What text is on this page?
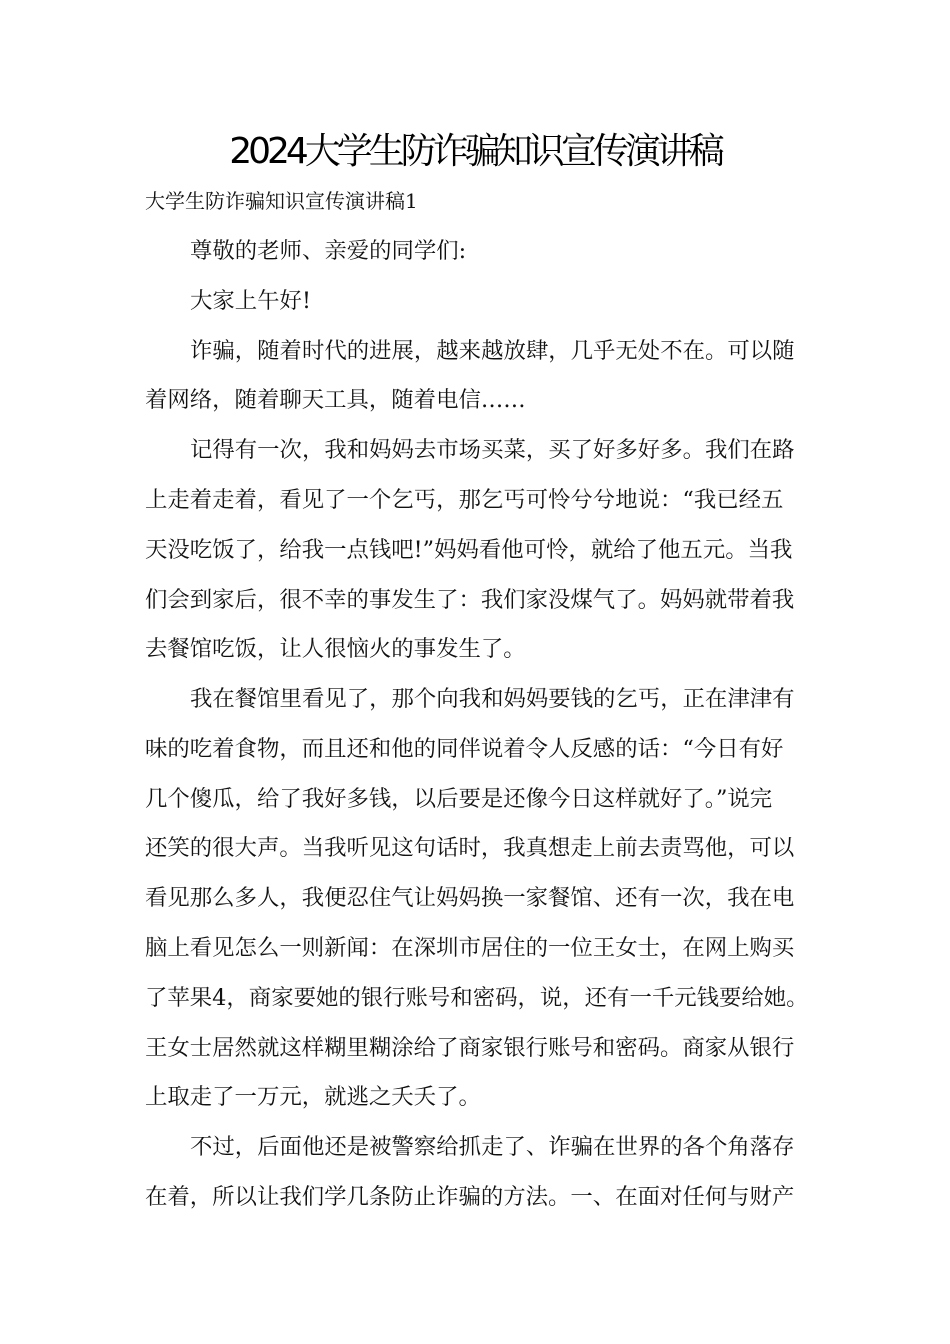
2024大学生防诈骗知识宣传演讲稿
大学生防诈骗知识宣传演讲稿1
尊敬的老师、亲爱的同学们:
大家上午好!
诈骗，随着时代的进展，越来越放肆，几乎无处不在。可以随
着网络，随着聊天工具，随着电信……
记得有一次，我和妈妈去市场买菜，买了好多好多。我们在路
上走着走着，看见了一个乞丐，那乞丐可怜兮兮地说：“我已经五
天没吃饭了，给我一点钱吧!”妈妈看他可怜，就给了他五元。当我
们会到家后，很不幸的事发生了：我们家没煤气了。妈妈就带着我
去餐馆吃饭，让人很恼火的事发生了。
我在餐馆里看见了，那个向我和妈妈要钱的乞丐，正在津津有
味的吃着食物，而且还和他的同伴说着令人反感的话：“今日有好
几个傻瓜，给了我好多钱，以后要是还像今日这样就好了。”说完
还笑的很大声。当我听见这句话时，我真想走上前去责骂他，可以
看见那么多人，我便忍住气让妈妈换一家餐馆、还有一次，我在电
脑上看见怎么一则新闻：在深圳市居住的一位王女士，在网上购买
了苹果4，商家要她的银行账号和密码，说，还有一千元钱要给她。
王女士居然就这样糊里糊涂给了商家银行账号和密码。商家从银行
上取走了一万元，就逃之夭夭了。
不过，后面他还是被警察给抓走了、诈骗在世界的各个角落存
在着，所以让我们学几条防止诈骗的方法。一、在面对任何与财产
